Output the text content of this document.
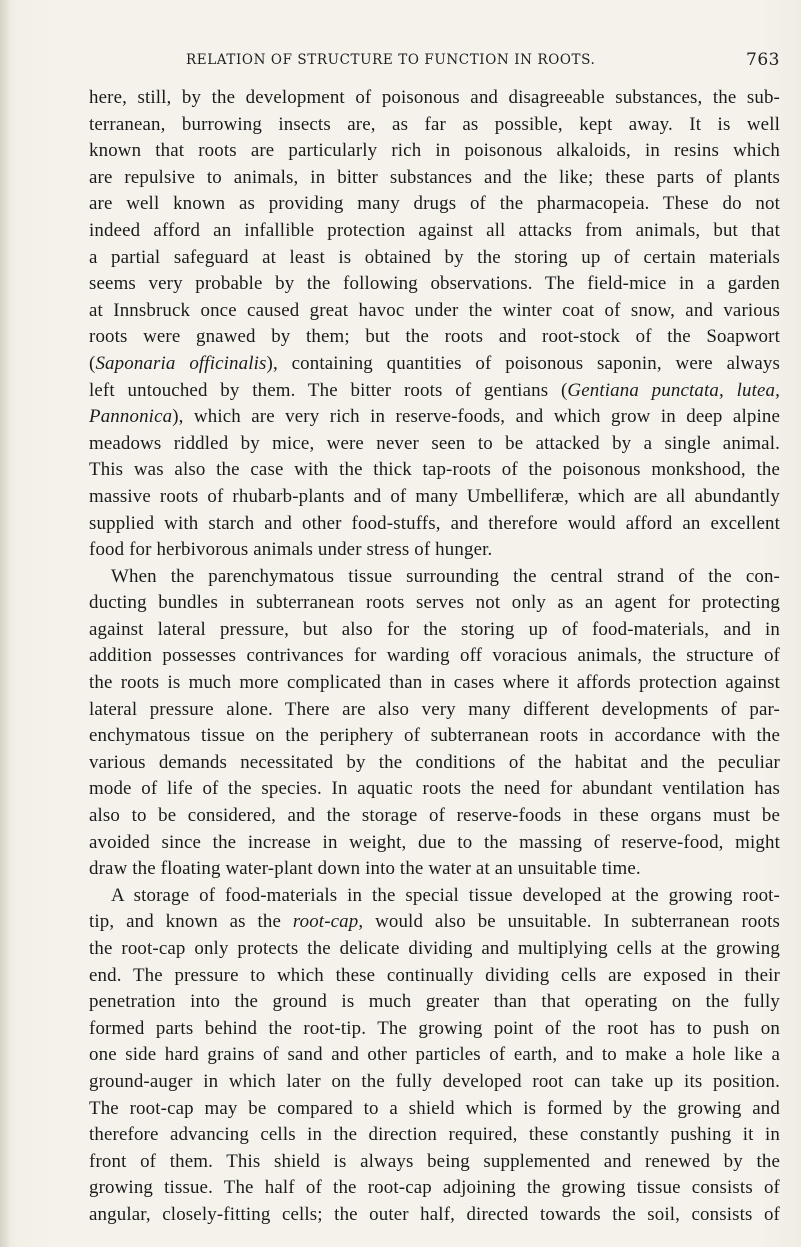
RELATION OF STRUCTURE TO FUNCTION IN ROOTS.	763

here, still, by the development of poisonous and disagreeable substances, the sub-
terranean, burrowing insects are, as far as possible, kept away. It is well
known that roots are particularly rich in poisonous alkaloids, in resins which
are repulsive to animals, in bitter substances and the like; these parts of plants
are well known as providing many drugs of the pharmacopeia. These do not
indeed afford an infallible protection against all attacks from animals, but that
a partial safeguard at least is obtained by the storing up of certain materials
seems very probable by the following observations. The field-mice in a garden
at Innsbruck once caused great havoc under the winter coat of snow, and various
roots were gnawed by them; but the roots and root-stock of the Soapwort
(Saponaria officinalis), containing quantities of poisonous saponin, were always
left untouched by them. The bitter roots of gentians (Gentiana punctata, lutea,
Pannonica), which are very rich in reserve-foods, and which grow in deep alpine
meadows riddled by mice, were never seen to be attacked by a single animal.
This was also the case with the thick tap-roots of the poisonous monkshood, the
massive roots of rhubarb-plants and of many Umbelliferæ, which are all abundantly
supplied with starch and other food-stuffs, and therefore would afford an excellent
food for herbivorous animals under stress of hunger.

When the parenchymatous tissue surrounding the central strand of the con-
ducting bundles in subterranean roots serves not only as an agent for protecting
against lateral pressure, but also for the storing up of food-materials, and in
addition possesses contrivances for warding off voracious animals, the structure of
the roots is much more complicated than in cases where it affords protection against
lateral pressure alone. There are also very many different developments of par-
enchymatous tissue on the periphery of subterranean roots in accordance with the
various demands necessitated by the conditions of the habitat and the peculiar
mode of life of the species. In aquatic roots the need for abundant ventilation has
also to be considered, and the storage of reserve-foods in these organs must be
avoided since the increase in weight, due to the massing of reserve-food, might
draw the floating water-plant down into the water at an unsuitable time.

A storage of food-materials in the special tissue developed at the growing root-
tip, and known as the root-cap, would also be unsuitable. In subterranean roots
the root-cap only protects the delicate dividing and multiplying cells at the growing
end. The pressure to which these continually dividing cells are exposed in their
penetration into the ground is much greater than that operating on the fully
formed parts behind the root-tip. The growing point of the root has to push on
one side hard grains of sand and other particles of earth, and to make a hole like a
ground-auger in which later on the fully developed root can take up its position.
The root-cap may be compared to a shield which is formed by the growing and
therefore advancing cells in the direction required, these constantly pushing it in
front of them. This shield is always being supplemented and renewed by the
growing tissue. The half of the root-cap adjoining the growing tissue consists of
angular, closely-fitting cells; the outer half, directed towards the soil, consists of
